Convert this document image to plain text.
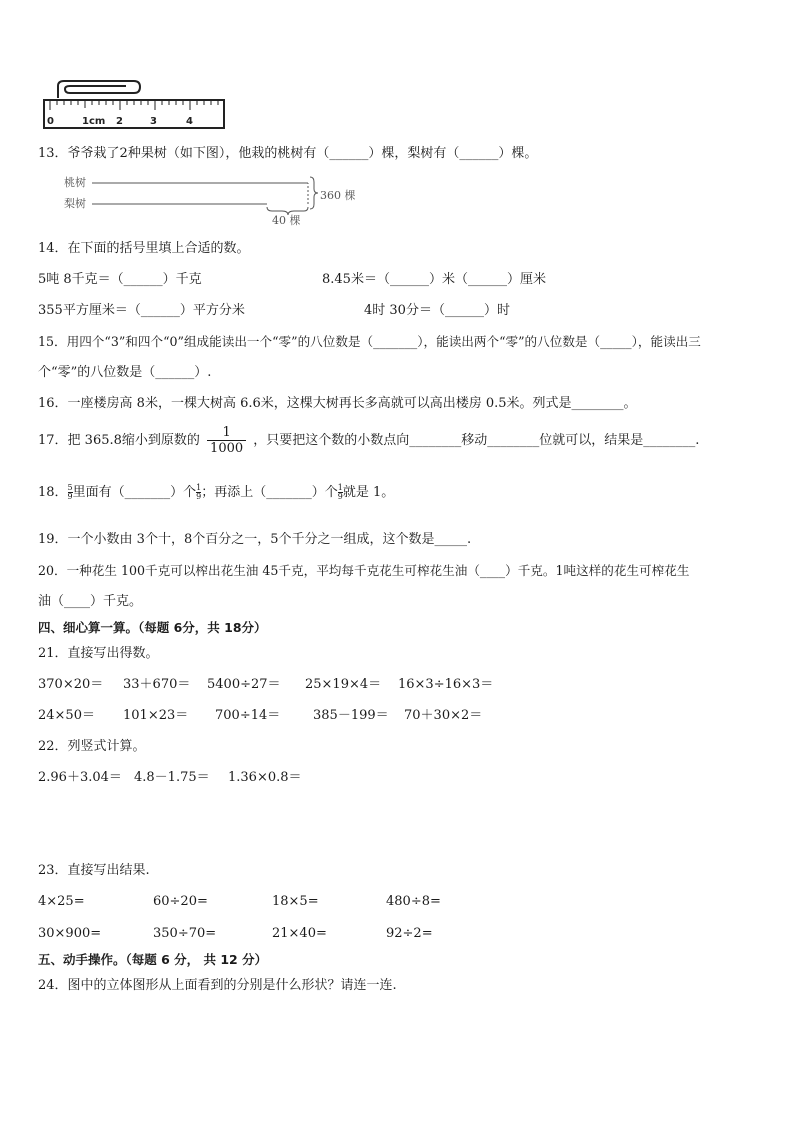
0	1cm 2	3	4
13．爷爷栽了2种果树（如下图），他栽的桃树有（______）棵，梨树有（______）棵。
桃树
梨树
360 棵
40 棵
14．在下面的括号里填上合适的数。
5吨 8千克＝（______）千克	8.45米＝（______）米（______）厘米
355平方厘米＝（______）平方分米	4时 30分＝（______）时
15．用四个“3”和四个“0”组成能读出一个“零”的八位数是（_______），能读出两个“零”的八位数是（_____），能读出三
个“零”的八位数是（______）.
16．一座楼房高 8米，一棵大树高 6.6米，这棵大树再长多高就可以高出楼房 0.5米。列式是________。
17．把 365.8缩小到原数的 $\frac{1}{1000}$ ，只要把这个数的小数点向________移动________位就可以，结果是________.
18． $\frac{5}{9}$ 里面有（_______）个 $\frac{1}{9}$ ；再添上（_______）个 $\frac{1}{9}$ 就是 1。
19．一个小数由 3个十，8个百分之一，5个千分之一组成，这个数是_____.
20．一种花生 100千克可以榨出花生油 45千克，平均每千克花生可榨花生油（____）千克。1吨这样的花生可榨花生
油（____）千克。
四、细心算一算。（每题 6分，共 18分）
21．直接写出得数。
370×20＝ 33＋670＝ 5400÷27＝ 25×19×4＝ 16×3÷16×3＝
24×50＝ 101×23＝ 700÷14＝	385－199＝ 70＋30×2＝
22．列竖式计算。
2.96＋3.04＝ 4.8－1.75＝ 1.36×0.8＝
23．直接写出结果.
4×25=	60÷20=	18×5=	480÷8=
30×900=	350÷70=	21×40=	92÷2=
五、动手操作。（每题 6 分， 共 12 分）
24．图中的立体图形从上面看到的分别是什么形状？请连一连.
